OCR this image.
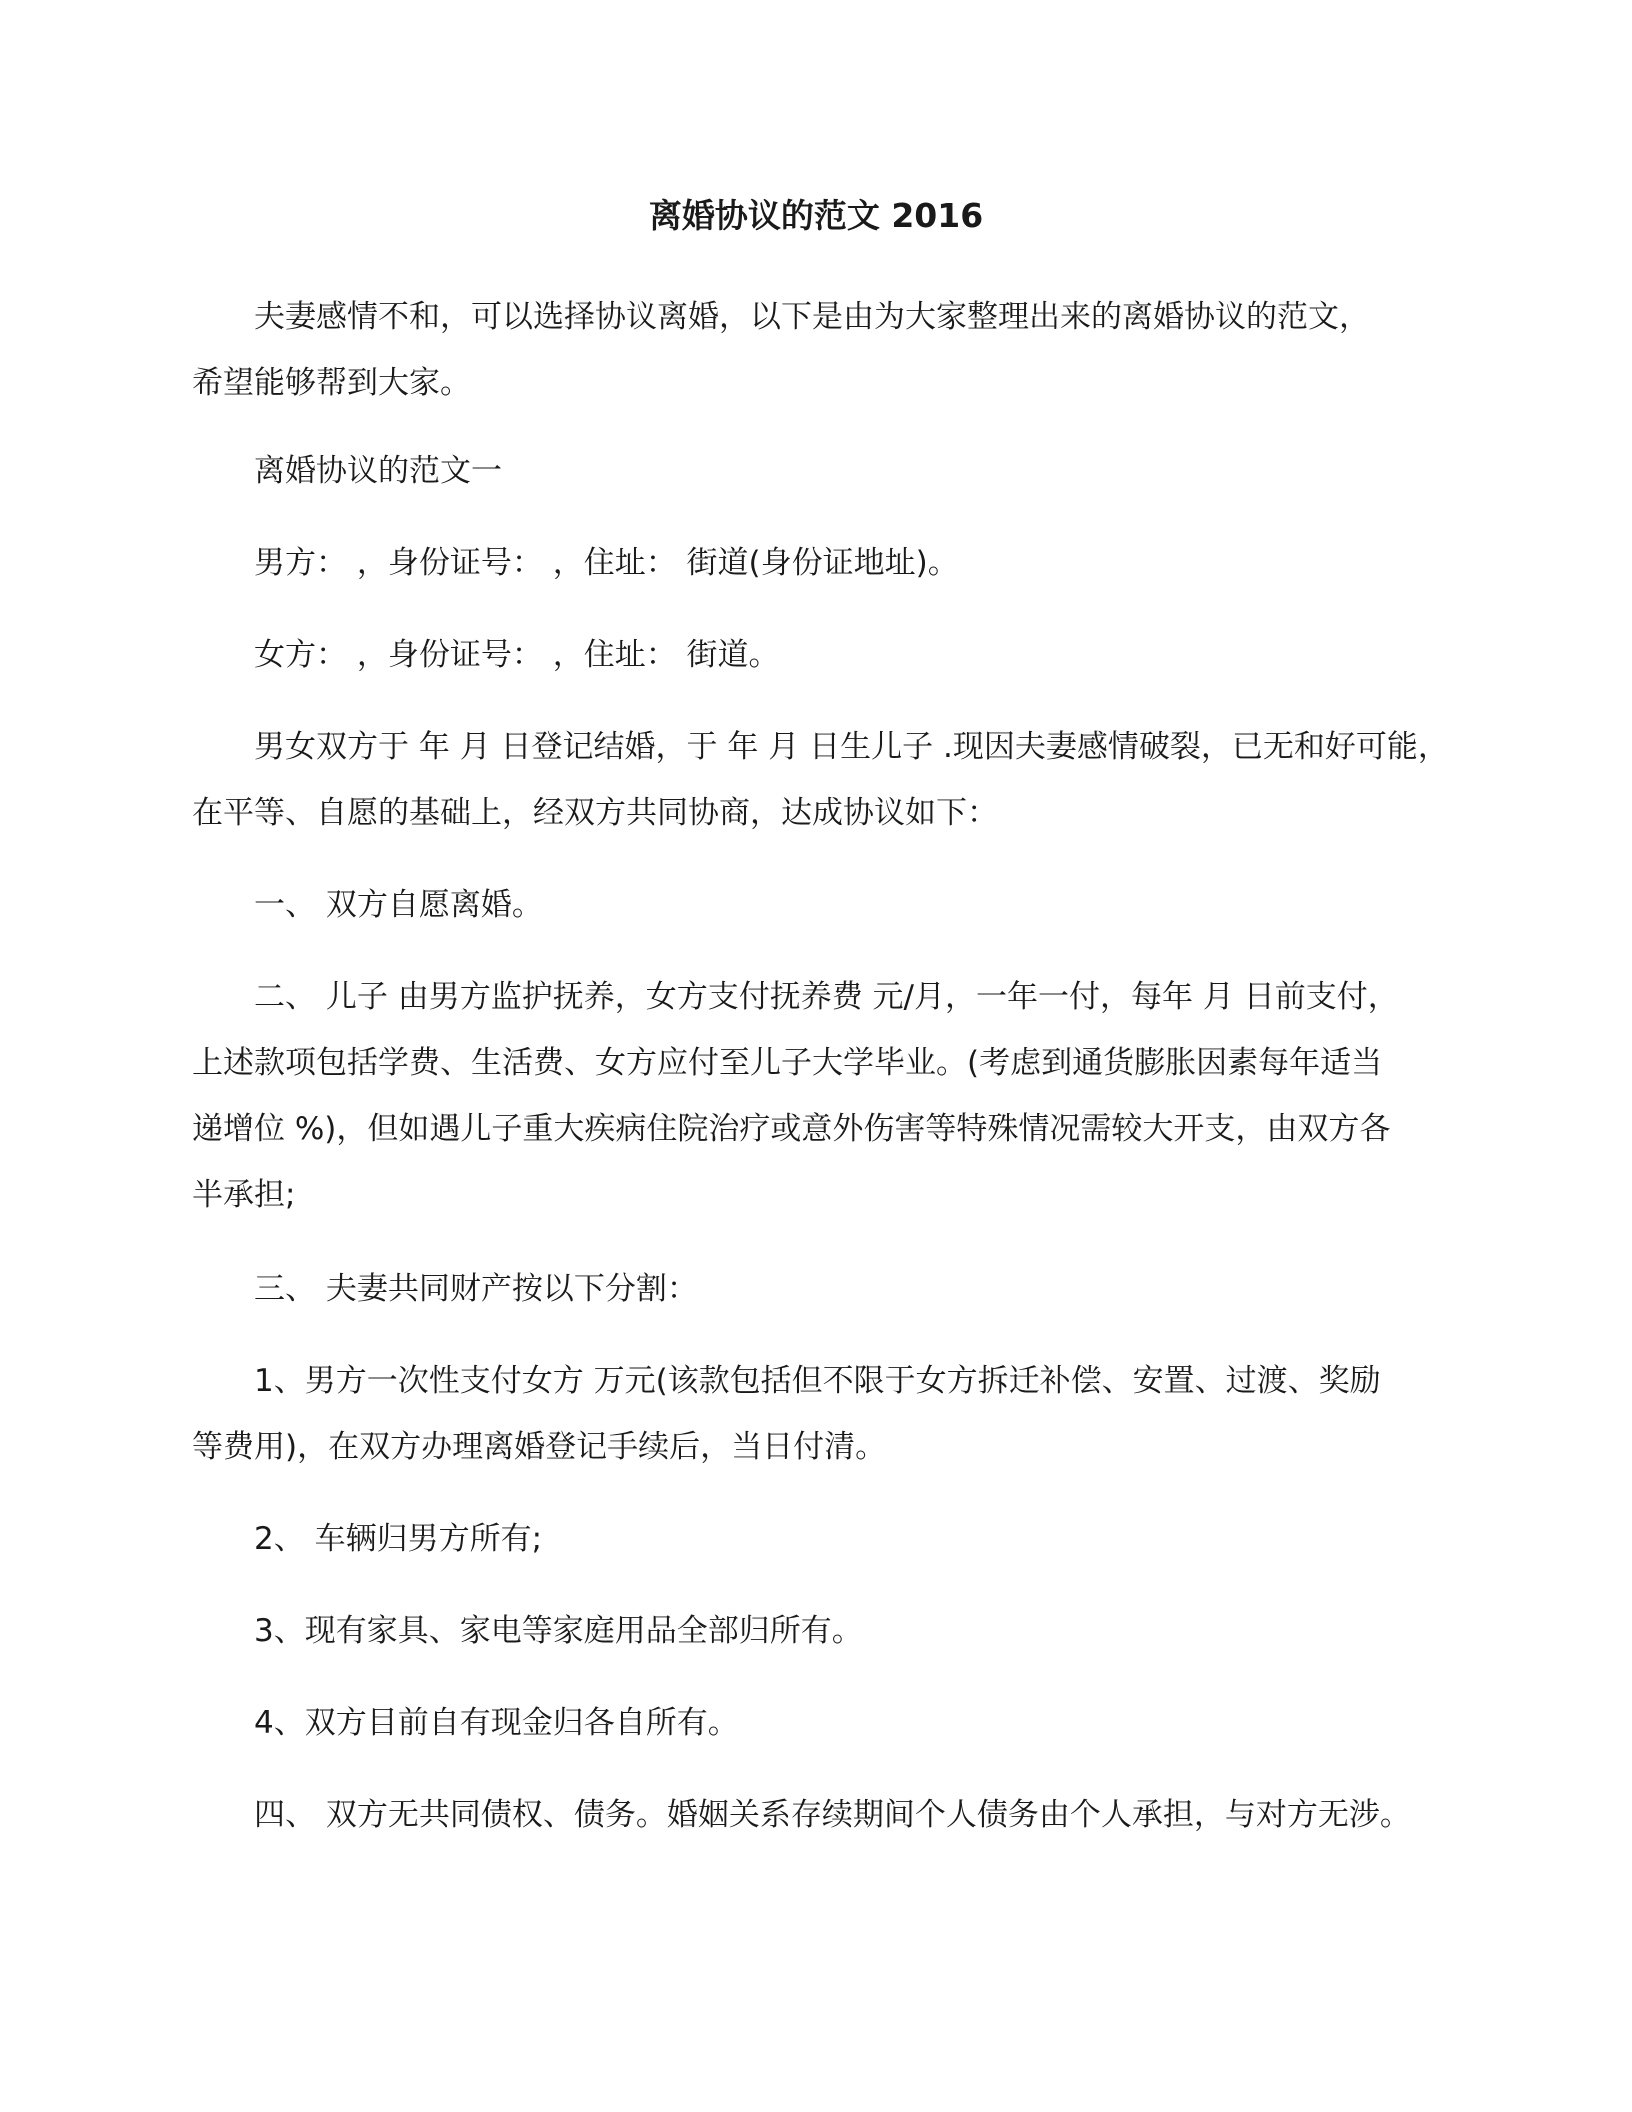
离婚协议的范文 2016
夫妻感情不和，可以选择协议离婚，以下是由为大家整理出来的离婚协议的范文，
希望能够帮到大家。
离婚协议的范文一
男方： ，身份证号： ，住址： 街道(身份证地址)。
女方： ，身份证号： ，住址： 街道。
男女双方于 年 月 日登记结婚，于 年 月 日生儿子 .现因夫妻感情破裂，已无和好可能，
在平等、自愿的基础上，经双方共同协商，达成协议如下：
一、 双方自愿离婚。
二、 儿子 由男方监护抚养，女方支付抚养费 元/月，一年一付，每年 月 日前支付，
上述款项包括学费、生活费、女方应付至儿子大学毕业。(考虑到通货膨胀因素每年适当
递增位 %)，但如遇儿子重大疾病住院治疗或意外伤害等特殊情况需较大开支，由双方各
半承担;
三、 夫妻共同财产按以下分割：
1、男方一次性支付女方 万元(该款包括但不限于女方拆迁补偿、安置、过渡、奖励
等费用)，在双方办理离婚登记手续后，当日付清。
2、 车辆归男方所有;
3、现有家具、家电等家庭用品全部归所有。
4、双方目前自有现金归各自所有。
四、 双方无共同债权、债务。婚姻关系存续期间个人债务由个人承担，与对方无涉。
